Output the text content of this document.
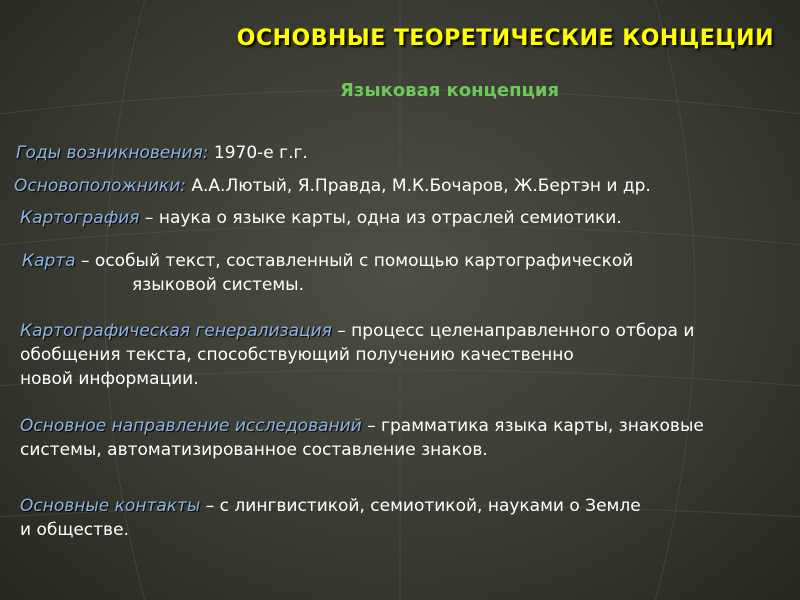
ОСНОВНЫЕ ТЕОРЕТИЧЕСКИЕ КОНЦЕЦИИ
Языковая концепция
Годы возникновения: 1970-е г.г.
Основоположники: А.А.Лютый, Я.Правда, М.К.Бочаров, Ж.Бертэн и др.
Картография – наука о языке карты, одна из отраслей семиотики.
Карта – особый текст, составленный с помощью картографической
языковой системы.
Картографическая генерализация – процесс целенаправленного отбора и
обобщения текста, способствующий получению качественно
новой информации.
Основное направление исследований – грамматика языка карты, знаковые
системы, автоматизированное составление знаков.
Основные контакты – с лингвистикой, семиотикой, науками о Земле
и обществе.
